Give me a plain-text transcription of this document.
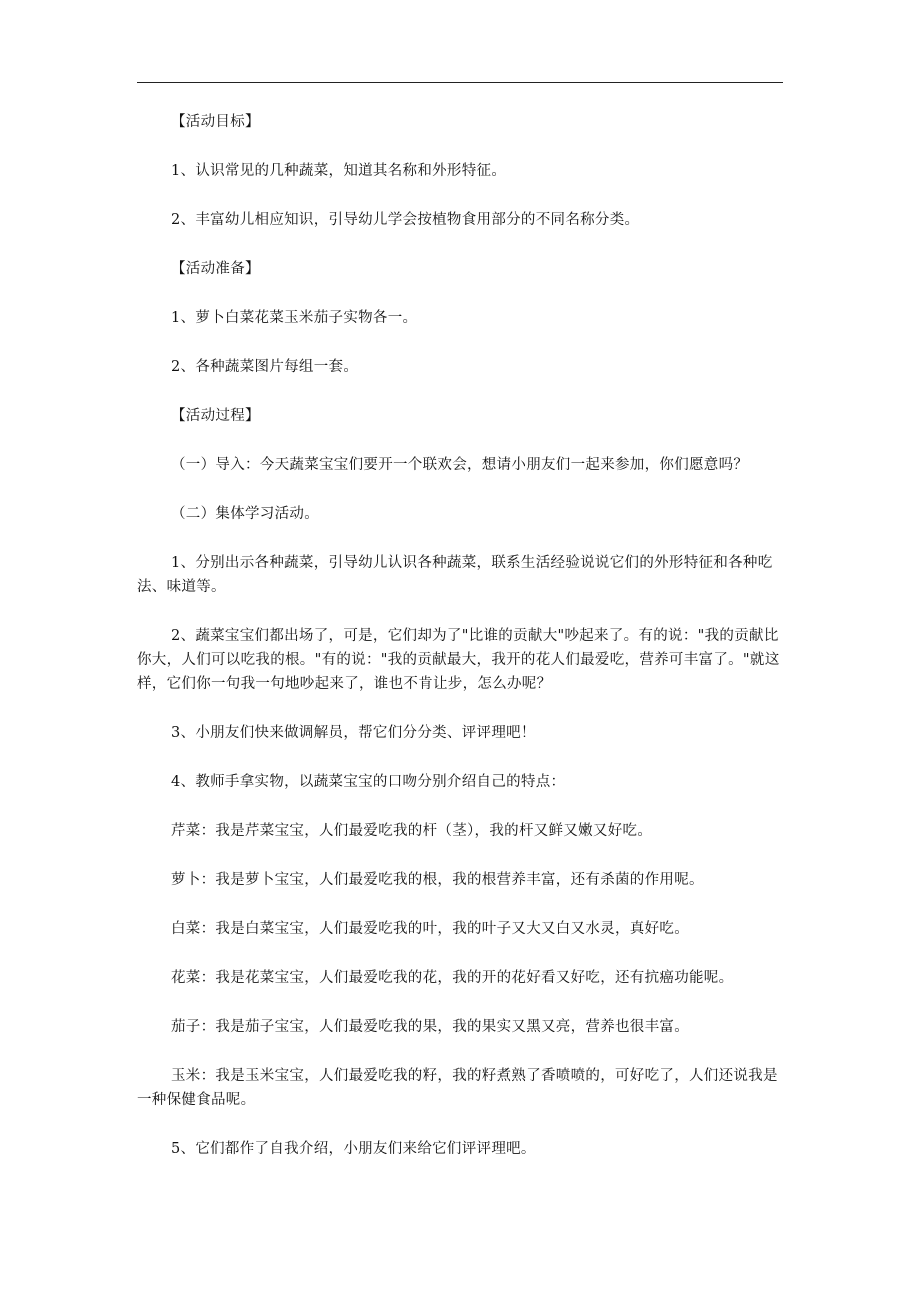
【活动目标】

1、认识常见的几种蔬菜，知道其名称和外形特征。

2、丰富幼儿相应知识，引导幼儿学会按植物食用部分的不同名称分类。

【活动准备】

1、萝卜白菜花菜玉米茄子实物各一。

2、各种蔬菜图片每组一套。

【活动过程】

（一）导入：今天蔬菜宝宝们要开一个联欢会，想请小朋友们一起来参加，你们愿意吗？

（二）集体学习活动。

1、分别出示各种蔬菜，引导幼儿认识各种蔬菜，联系生活经验说说它们的外形特征和各种吃法、味道等。

2、蔬菜宝宝们都出场了，可是，它们却为了"比谁的贡献大"吵起来了。有的说："我的贡献比你大，人们可以吃我的根。"有的说："我的贡献最大，我开的花人们最爱吃，营养可丰富了。"就这样，它们你一句我一句地吵起来了，谁也不肯让步，怎么办呢？

3、小朋友们快来做调解员，帮它们分分类、评评理吧！

4、教师手拿实物，以蔬菜宝宝的口吻分别介绍自己的特点：

芹菜：我是芹菜宝宝，人们最爱吃我的杆（茎），我的杆又鲜又嫩又好吃。

萝卜：我是萝卜宝宝，人们最爱吃我的根，我的根营养丰富，还有杀菌的作用呢。

白菜：我是白菜宝宝，人们最爱吃我的叶，我的叶子又大又白又水灵，真好吃。

花菜：我是花菜宝宝，人们最爱吃我的花，我的开的花好看又好吃，还有抗癌功能呢。

茄子：我是茄子宝宝，人们最爱吃我的果，我的果实又黑又亮，营养也很丰富。

玉米：我是玉米宝宝，人们最爱吃我的籽，我的籽煮熟了香喷喷的，可好吃了，人们还说我是一种保健食品呢。

5、它们都作了自我介绍，小朋友们来给它们评评理吧。
